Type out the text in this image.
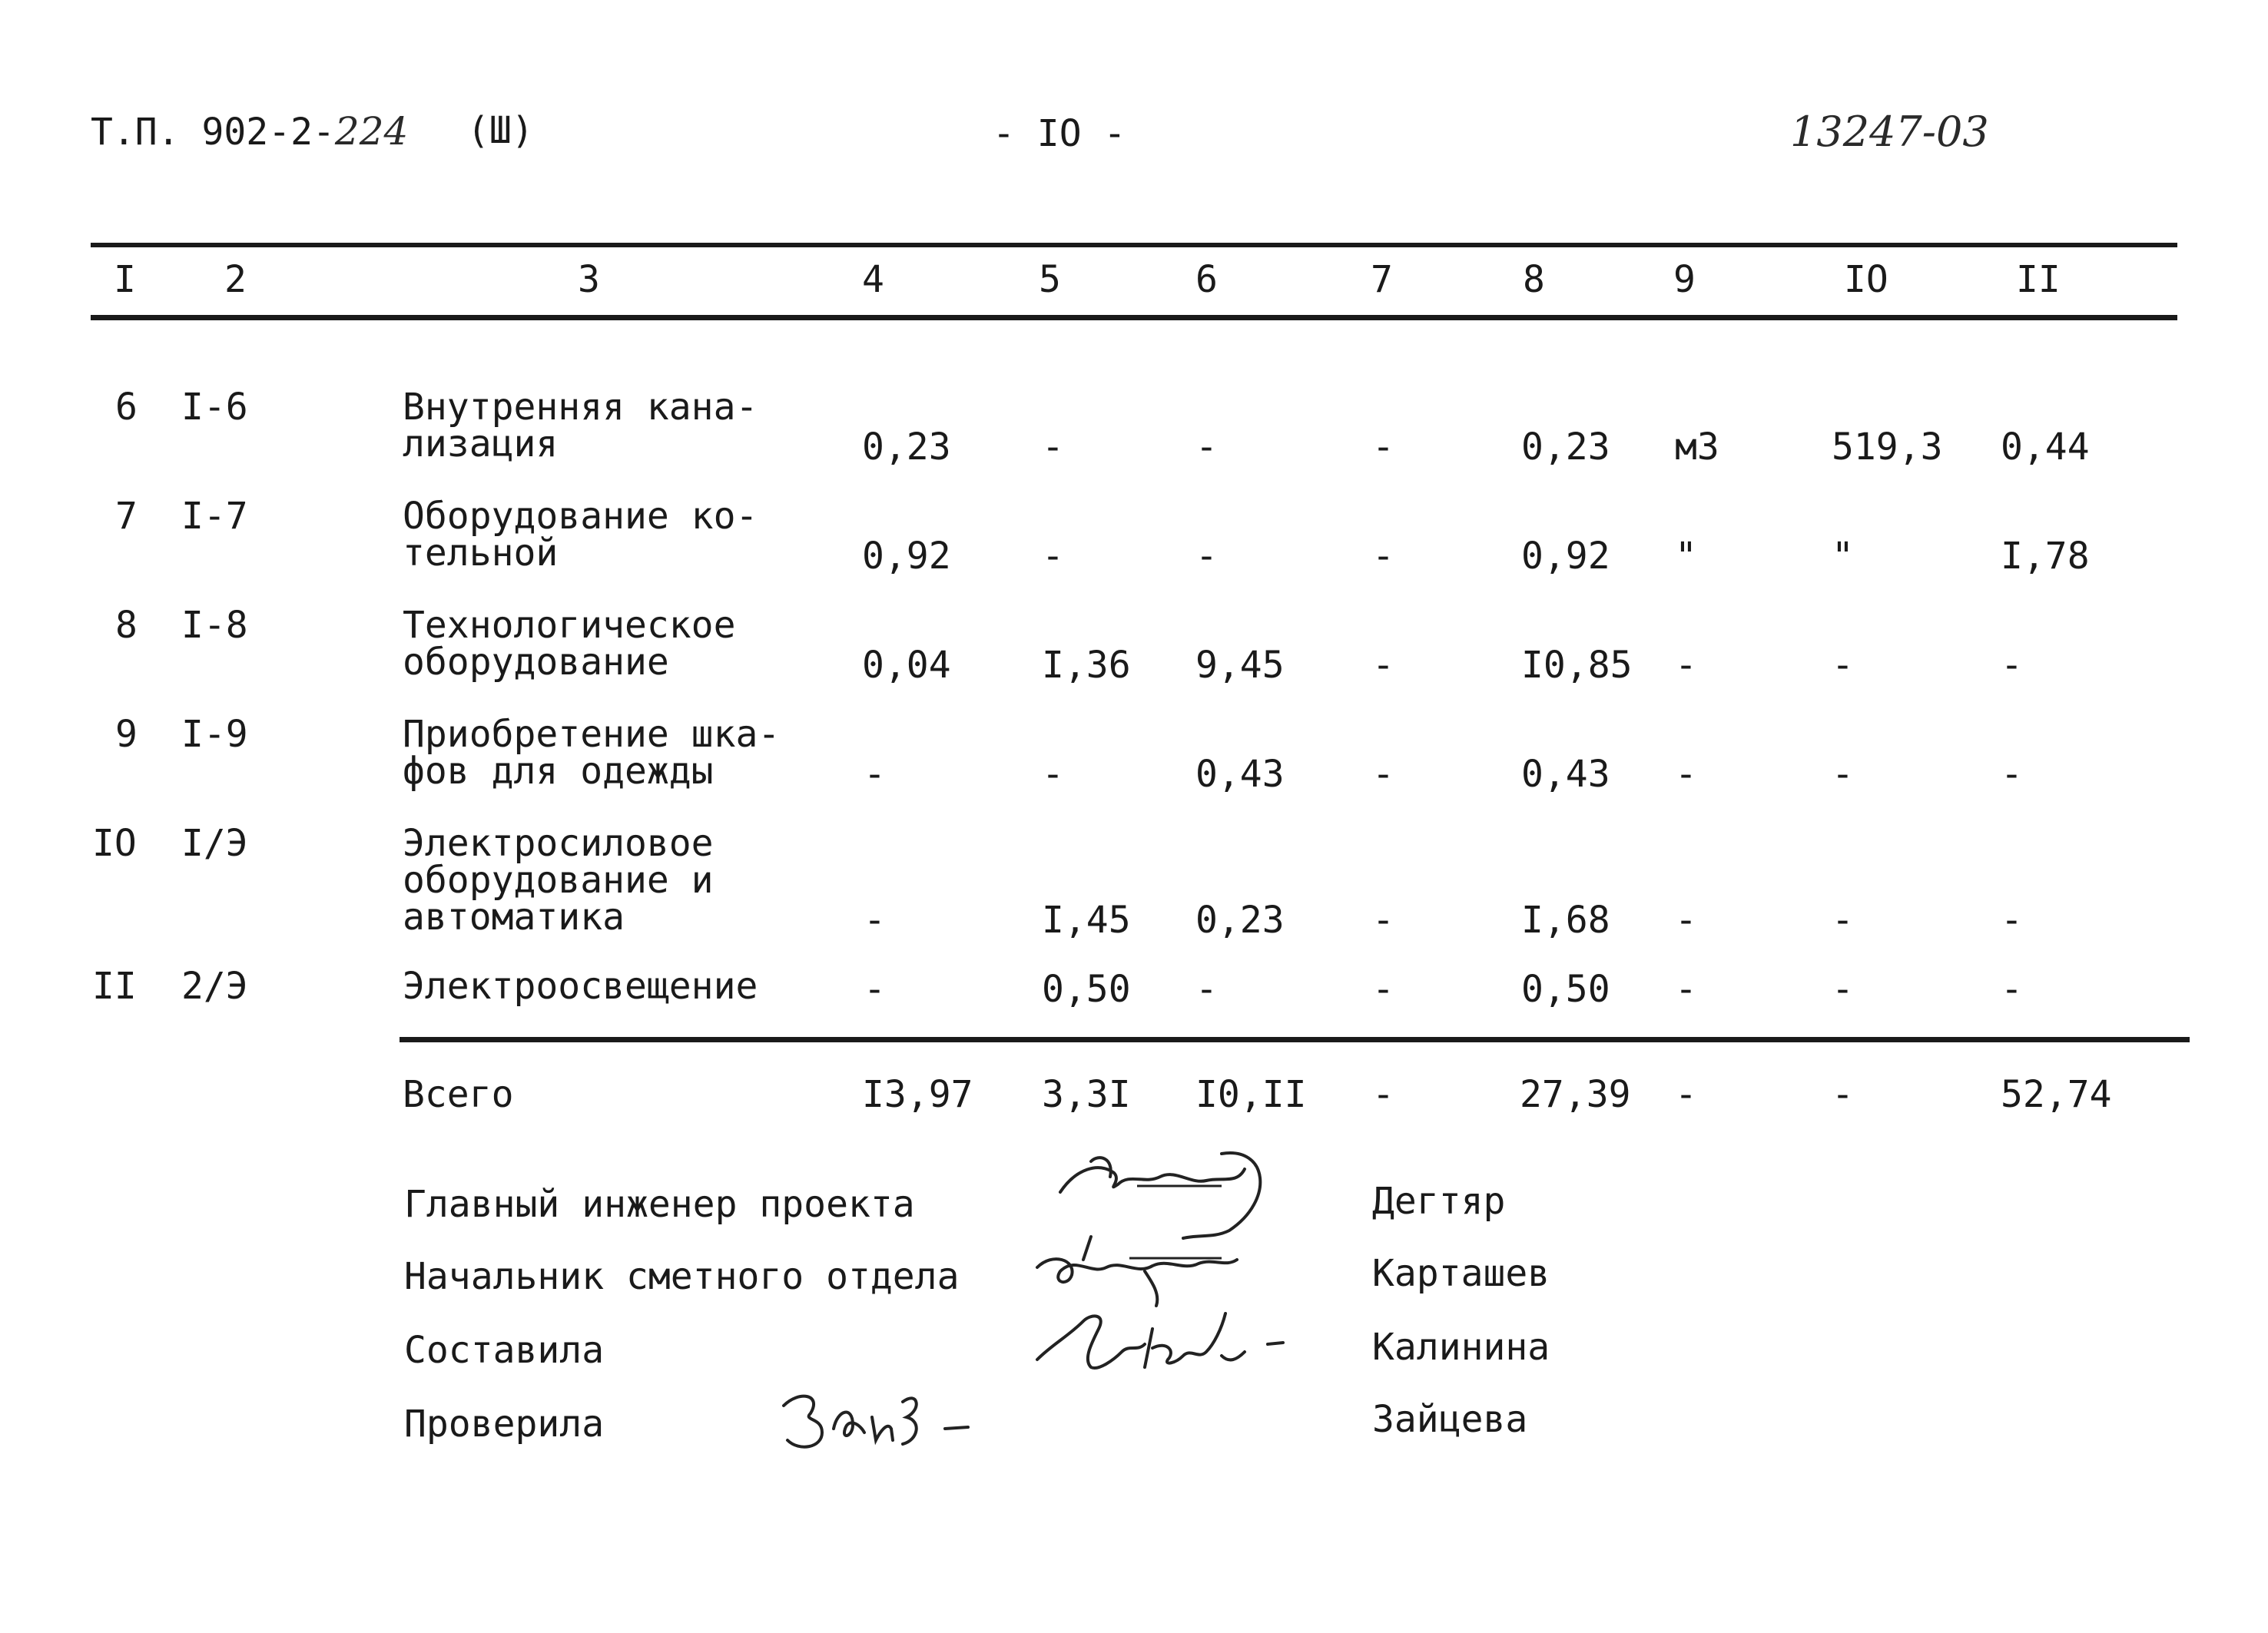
Т.П. 902-2-224 (Ш)	- IO -	13247-03
I 2	3	4	5	6	7	8	9	IO	II
6 I-6	Внутренняя кана-
лизация	0,23 -	-	-	0,23 м3	519,3 0,44
7 I-7	Оборудование ко-
тельной	0,92 -	-	-	0,92 "	"	I,78
8 I-8	Технологическое
оборудование	0,04 I,36 9,45 -	I0,85 -	-	-
9 I-9	Приобретение шка-
фов для одежды	-	-	0,43 -	0,43 -	-	-
IO I/Э	Электросиловое
оборудование и
автоматика	-	I,45 0,23 -	I,68 -	-	-
II 2/Э	Электроосвещение	-	0,50 -	-	0,50 -	-	-
Всего	I3,97 3,3I I0,II -	27,39 -	-	52,74
Главный инженер проекта	Дегтяр
Начальник сметного отдела	Карташев
Составила	Калинина
Проверила	Зайцева
